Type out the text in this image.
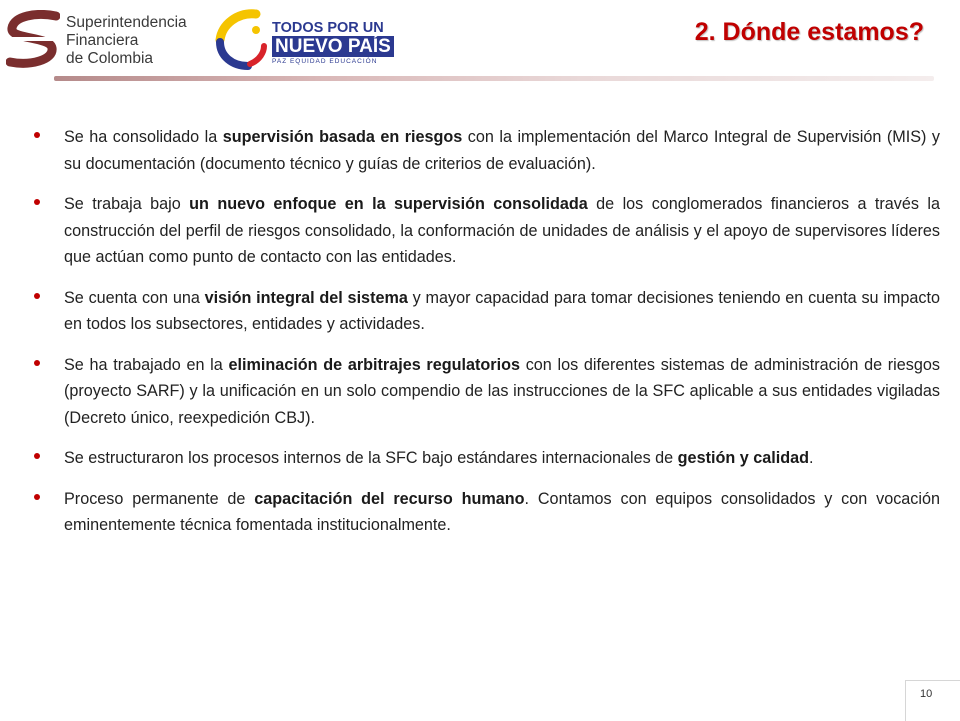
Superintendencia
Financiera
de Colombia
TODOS POR UN
NUEVO PAÍS
PAZ EQUIDAD EDUCACIÓN
2. Dónde estamos?
Se ha consolidado la supervisión basada en riesgos con la implementación del Marco Integral de Supervisión (MIS) y su documentación (documento técnico y guías de criterios de evaluación).
Se trabaja bajo un nuevo enfoque en la supervisión consolidada de los conglomerados financieros a través la construcción del perfil de riesgos consolidado, la conformación de unidades de análisis y el apoyo de supervisores líderes que actúan como punto de contacto con las entidades.
Se cuenta con una visión integral del sistema y mayor capacidad para tomar decisiones teniendo en cuenta su impacto en todos los subsectores, entidades y actividades.
Se ha trabajado en la eliminación de arbitrajes regulatorios con los diferentes sistemas de administración de riesgos (proyecto SARF) y la unificación en un solo compendio de las instrucciones de la SFC aplicable a sus entidades vigiladas (Decreto único, reexpedición CBJ).
Se estructuraron los procesos internos de la SFC bajo estándares internacionales de gestión y calidad.
Proceso permanente de capacitación del recurso humano. Contamos con equipos consolidados y con vocación eminentemente técnica fomentada institucionalmente.
10
